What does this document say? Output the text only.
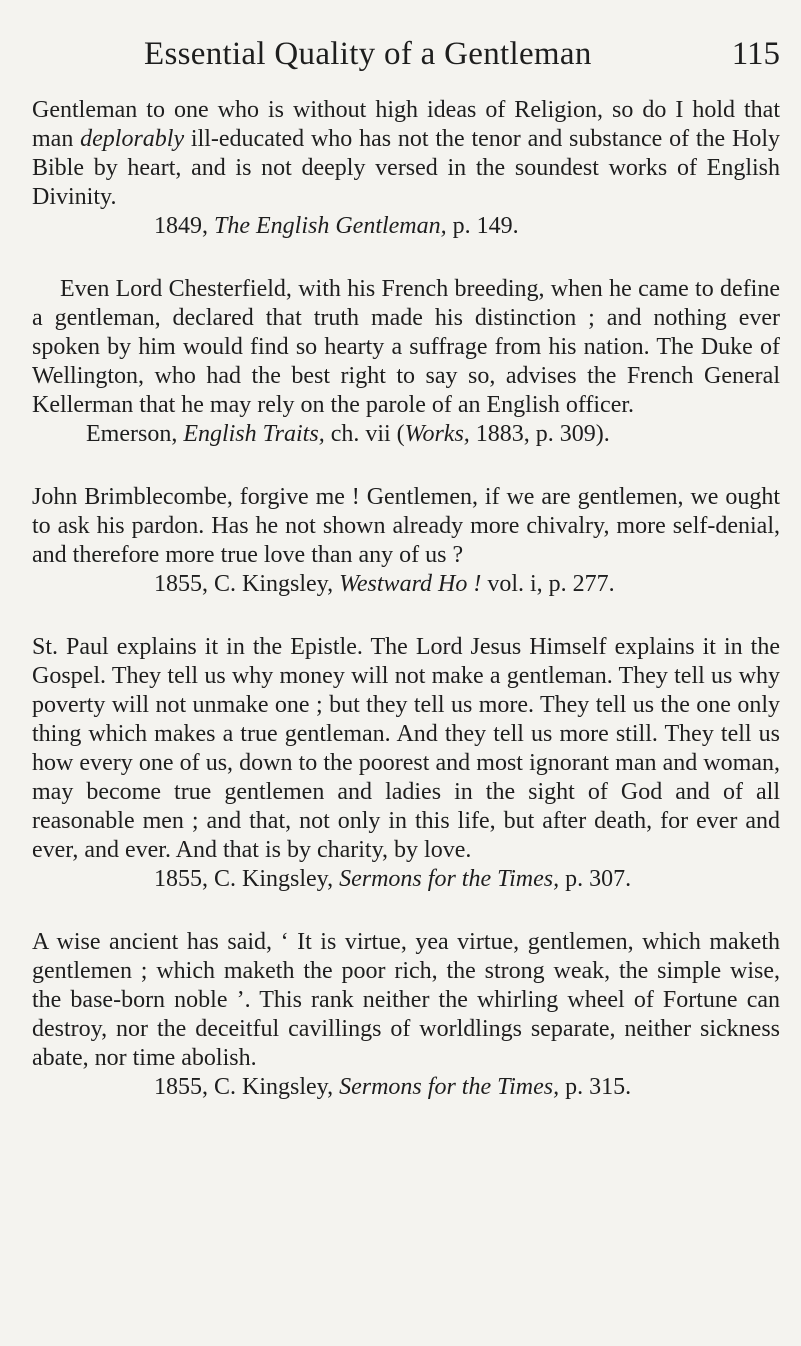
Essential Quality of a Gentleman	115

Gentleman to one who is without high ideas of Religion, so do I hold that man deplorably ill-educated who has not the tenor and substance of the Holy Bible by heart, and is not deeply versed in the soundest works of English Divinity.

1849, The English Gentleman, p. 149.

Even Lord Chesterfield, with his French breeding, when he came to define a gentleman, declared that truth made his distinction ; and nothing ever spoken by him would find so hearty a suffrage from his nation. The Duke of Wellington, who had the best right to say so, advises the French General Kellerman that he may rely on the parole of an English officer.

Emerson, English Traits, ch. vii (Works, 1883, p. 309).

John Brimblecombe, forgive me ! Gentlemen, if we are gentlemen, we ought to ask his pardon. Has he not shown already more chivalry, more self-denial, and therefore more true love than any of us ?

1855, C. Kingsley, Westward Ho ! vol. i, p. 277.

St. Paul explains it in the Epistle. The Lord Jesus Himself explains it in the Gospel. They tell us why money will not make a gentleman. They tell us why poverty will not unmake one ; but they tell us more. They tell us the one only thing which makes a true gentleman. And they tell us more still. They tell us how every one of us, down to the poorest and most ignorant man and woman, may become true gentlemen and ladies in the sight of God and of all reasonable men ; and that, not only in this life, but after death, for ever and ever, and ever. And that is by charity, by love.

1855, C. Kingsley, Sermons for the Times, p. 307.

A wise ancient has said, ‘ It is virtue, yea virtue, gentlemen, which maketh gentlemen ; which maketh the poor rich, the strong weak, the simple wise, the base-born noble ’. This rank neither the whirling wheel of Fortune can destroy, nor the deceitful cavillings of worldlings separate, neither sickness abate, nor time abolish.

1855, C. Kingsley, Sermons for the Times, p. 315.
